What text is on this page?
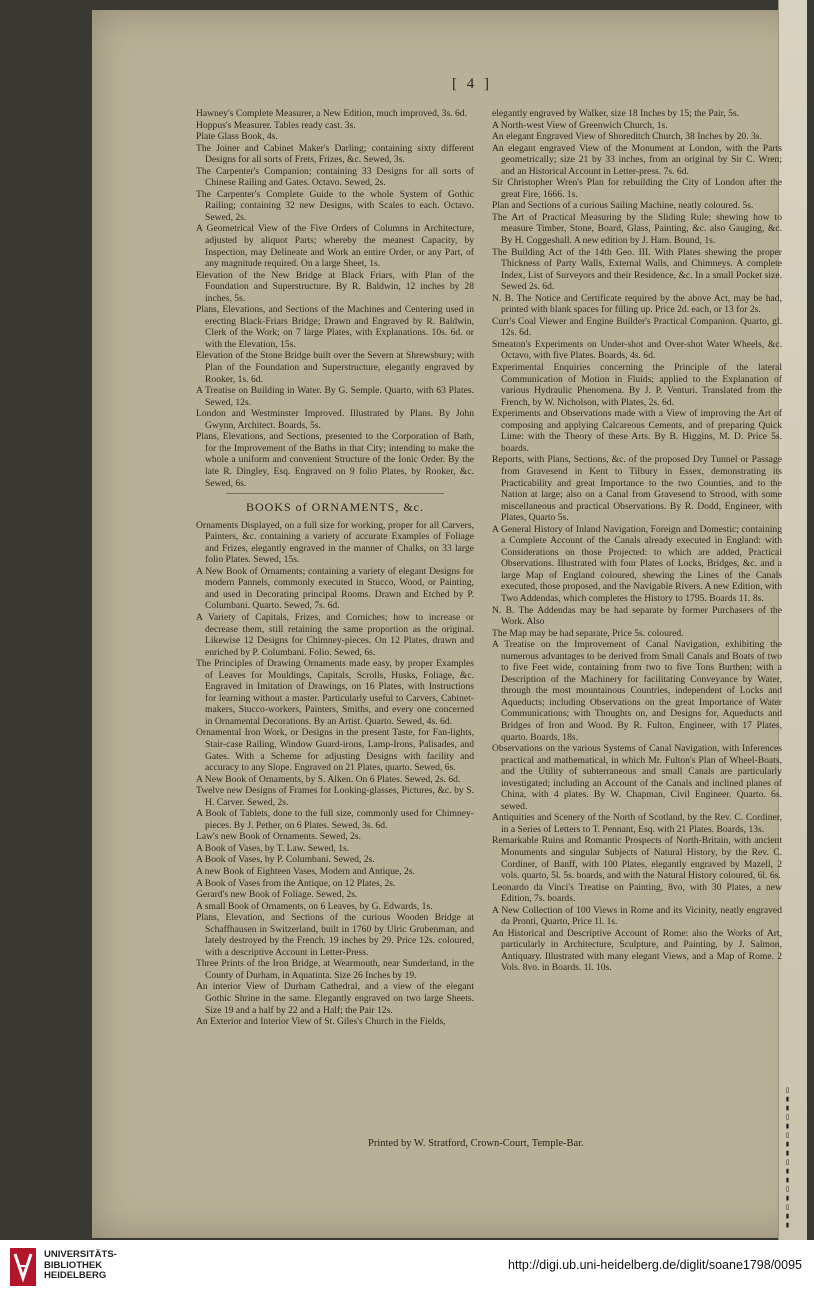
▮▮▯▮▯▮▮▯▮▮▯▮▯▮▮▯
[ 4 ]

Hawney's Complete Measurer, a New Edition, much improved, 3s. 6d.

Hoppus's Measurer. Tables ready cast. 3s.

Plate Glass Book, 4s.

The Joiner and Cabinet Maker's Darling; containing sixty different Designs for all sorts of Frets, Frizes, &c. Sewed, 3s.

The Carpenter's Companion; containing 33 Designs for all sorts of Chinese Railing and Gates. Octavo. Sewed, 2s.

The Carpenter's Complete Guide to the whole System of Gothic Railing; containing 32 new Designs, with Scales to each. Octavo. Sewed, 2s.

A Geometrical View of the Five Orders of Columns in Architecture, adjusted by aliquot Parts; whereby the meanest Capacity, by Inspection, may Delineate and Work an entire Order, or any Part, of any magnitude required. On a large Sheet, 1s.

Elevation of the New Bridge at Black Friars, with Plan of the Foundation and Superstructure. By R. Baldwin, 12 inches by 28 inches, 5s.

Plans, Elevations, and Sections of the Machines and Centering used in erecting Black-Friars Bridge; Drawn and Engraved by R. Baldwin, Clerk of the Work; on 7 large Plates, with Explanations. 10s. 6d. or with the Elevation, 15s.

Elevation of the Stone Bridge built over the Severn at Shrewsbury; with Plan of the Foundation and Superstructure, elegantly engraved by Rooker, 1s. 6d.

A Treatise on Building in Water. By G. Semple. Quarto, with 63 Plates. Sewed, 12s.

London and Westminster Improved. Illustrated by Plans. By John Gwynn, Architect. Boards, 5s.

Plans, Elevations, and Sections, presented to the Corporation of Bath, for the Improvement of the Baths in that City; intending to make the whole a uniform and convenient Structure of the Ionic Order. By the late R. Dingley, Esq. Engraved on 9 folio Plates, by Rooker, &c. Sewed, 6s.

BOOKS of ORNAMENTS, &c.

Ornaments Displayed, on a full size for working, proper for all Carvers, Painters, &c. containing a variety of accurate Examples of Foliage and Frizes, elegantly engraved in the manner of Chalks, on 33 large folio Plates. Sewed, 15s.

A New Book of Ornaments; containing a variety of elegant Designs for modern Pannels, commonly executed in Stucco, Wood, or Painting, and used in Decorating principal Rooms. Drawn and Etched by P. Columbani. Quarto. Sewed, 7s. 6d.

A Variety of Capitals, Frizes, and Corniches; how to increase or decrease them, still retaining the same proportion as the original. Likewise 12 Designs for Chimney-pieces. On 12 Plates, drawn and enriched by P. Columbani. Folio. Sewed, 6s.

The Principles of Drawing Ornaments made easy, by proper Examples of Leaves for Mouldings, Capitals, Scrolls, Husks, Foliage, &c. Engraved in Imitation of Drawings, on 16 Plates, with Instructions for learning without a master. Particularly useful to Carvers, Cabinet-makers, Stucco-workers, Painters, Smiths, and every one concerned in Ornamental Decorations. By an Artist. Quarto. Sewed, 4s. 6d.

Ornamental Iron Work, or Designs in the present Taste, for Fan-lights, Stair-case Railing, Window Guard-irons, Lamp-Irons, Palisades, and Gates. With a Scheme for adjusting Designs with facility and accuracy to any Slope. Engraved on 21 Plates, quarto. Sewed, 6s.

A New Book of Ornaments, by S. Alken. On 6 Plates. Sewed, 2s. 6d.

Twelve new Designs of Frames for Looking-glasses, Pictures, &c. by S. H. Carver. Sewed, 2s.

A Book of Tablets, done to the full size, commonly used for Chimney-pieces. By J. Pether, on 6 Plates. Sewed, 3s. 6d.

Law's new Book of Ornaments. Sewed, 2s.

A Book of Vases, by T. Law. Sewed, 1s.

A Book of Vases, by P. Columbani. Sewed, 2s.

A new Book of Eighteen Vases, Modern and Antique, 2s.

A Book of Vases from the Antique, on 12 Plates, 2s.

Gerard's new Book of Foliage. Sewed, 2s.

A small Book of Ornaments, on 6 Leaves, by G. Edwards, 1s.

Plans, Elevation, and Sections of the curious Wooden Bridge at Schaffhausen in Switzerland, built in 1760 by Ulric Grubenman, and lately destroyed by the French. 19 inches by 29. Price 12s. coloured, with a descriptive Account in Letter-Press.

Three Prints of the Iron Bridge, at Wearmouth, near Sunderland, in the County of Durham, in Aquatinta. Size 26 Inches by 19.

An interior View of Durham Cathedral, and a view of the elegant Gothic Shrine in the same. Elegantly engraved on two large Sheets. Size 19 and a half by 22 and a Half; the Pair 12s.

An Exterior and Interior View of St. Giles's Church in the Fields,

elegantly engraved by Walker, size 18 Inches by 15; the Pair, 5s.

A North-west View of Greenwich Church, 1s.

An elegant Engraved View of Shoreditch Church, 38 Inches by 20. 3s.

An elegant engraved View of the Monument at London, with the Parts geometrically; size 21 by 33 inches, from an original by Sir C. Wren; and an Historical Account in Letter-press. 7s. 6d.

Sir Christopher Wren's Plan for rebuilding the City of London after the great Fire, 1666. 1s.

Plan and Sections of a curious Sailing Machine, neatly coloured. 5s.

The Art of Practical Measuring by the Sliding Rule; shewing how to measure Timber, Stone, Board, Glass, Painting, &c. also Gauging, &c. By H. Coggeshall. A new edition by J. Ham. Bound, 1s.

The Building Act of the 14th Geo. III. With Plates shewing the proper Thickness of Party Walls, External Walls, and Chimneys. A complete Index, List of Surveyors and their Residence, &c. In a small Pocket size. Sewed 2s. 6d.

N. B. The Notice and Certificate required by the above Act, may be had, printed with blank spaces for filling up. Price 2d. each, or 13 for 2s.

Curr's Coal Viewer and Engine Builder's Practical Companion. Quarto, gl. 12s. 6d.

Smeaton's Experiments on Under-shot and Over-shot Water Wheels, &c. Octavo, with five Plates. Boards, 4s. 6d.

Experimental Enquiries concerning the Principle of the lateral Communication of Motion in Fluids; applied to the Explanation of various Hydraulic Phenomena. By J. P. Venturi. Translated from the French, by W. Nicholson, with Plates, 2s. 6d.

Experiments and Observations made with a View of improving the Art of composing and applying Calcareous Cements, and of preparing Quick Lime: with the Theory of these Arts. By B. Higgins, M. D. Price 5s. boards.

Reports, with Plans, Sections, &c. of the proposed Dry Tunnel or Passage from Gravesend in Kent to Tilbury in Essex, demonstrating its Practicability and great Importance to the two Counties, and to the Nation at large; also on a Canal from Gravesend to Strood, with some miscellaneous and practical Observations. By R. Dodd, Engineer, with Plates, Quarto 5s.

A General History of Inland Navigation, Foreign and Domestic; containing a Complete Account of the Canals already executed in England: with Considerations on those Projected: to which are added, Practical Observations. Illustrated with four Plates of Locks, Bridges, &c. and a large Map of England coloured, shewing the Lines of the Canals executed, those proposed, and the Navigable Rivers. A new Edition, with Two Addendas, which completes the History to 1795. Boards 11. 8s.

N. B. The Addendas may be had separate by former Purchasers of the Work. Also

The Map may be had separate, Price 5s. coloured.

A Treatise on the Improvement of Canal Navigation, exhibiting the numerous advantages to be derived from Small Canals and Boats of two to five Feet wide, containing from two to five Tons Burthen; with a Description of the Machinery for facilitating Conveyance by Water, through the most mountainous Countries, independent of Locks and Aqueducts; including Observations on the great Importance of Water Communications; with Thoughts on, and Designs for, Aqueducts and Bridges of Iron and Wood. By R. Fulton, Engineer, with 17 Plates, quarto. Boards, 18s.

Observations on the various Systems of Canal Navigation, with Inferences practical and mathematical, in which Mr. Fulton's Plan of Wheel-Boats, and the Utility of subterraneous and small Canals are particularly investigated; including an Account of the Canals and inclined planes of China, with 4 plates. By W. Chapman, Civil Engineer. Quarto. 6s. sewed.

Antiquities and Scenery of the North of Scotland, by the Rev. C. Cordiner, in a Series of Letters to T. Pennant, Esq. with 21 Plates. Boards, 13s.

Remarkable Ruins and Romantic Prospects of North-Britain, with ancient Monuments and singular Subjects of Natural History, by the Rev. C. Cordiner, of Banff, with 100 Plates, elegantly engraved by Mazell, 2 vols. quarto, 5l. 5s. boards, and with the Natural History coloured, 6l. 6s.

Leonardo da Vinci's Treatise on Painting, 8vo, with 30 Plates, a new Edition, 7s. boards.

A New Collection of 100 Views in Rome and its Vicinity, neatly engraved da Pronti, Quarto, Price 1l. 1s.

An Historical and Descriptive Account of Rome: also the Works of Art, particularly in Architecture, Sculpture, and Painting, by J. Salmon, Antiquary. Illustrated with many elegant Views, and a Map of Rome. 2 Vols. 8vo. in Boards. 1l. 10s.

Printed by W. Stratford, Crown-Court, Temple-Bar.
UNIVERSITÄTS-
BIBLIOTHEK
HEIDELBERG
http://digi.ub.uni-heidelberg.de/diglit/soane1798/0095
